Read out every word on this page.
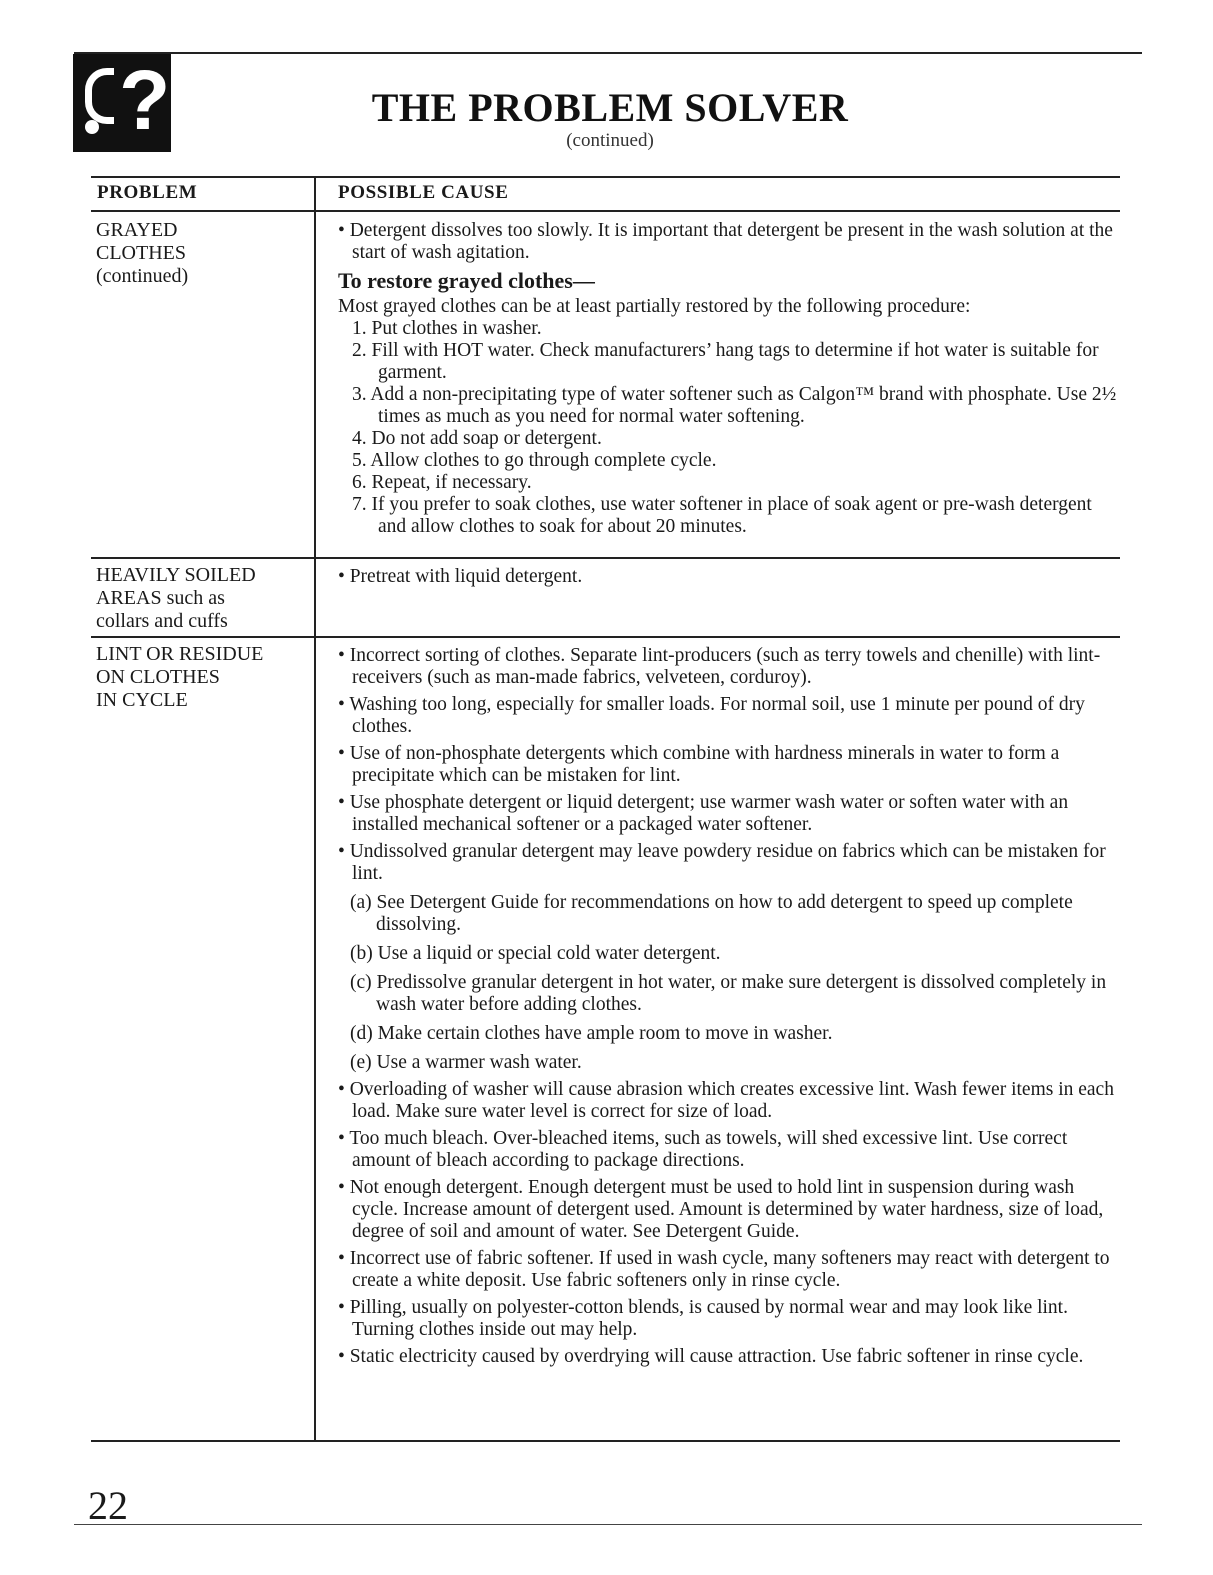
?	THE PROBLEM SOLVER
(continued)
PROBLEM	POSSIBLE CAUSE
GRAYED
CLOTHES
(continued)

• Detergent dissolves too slowly. It is important that detergent be present in the wash solution at the start of wash agitation.

To restore grayed clothes—

Most grayed clothes can be at least partially restored by the following procedure:

1. Put clothes in washer.

2. Fill with HOT water. Check manufacturers’ hang tags to determine if hot water is suitable for garment.

3. Add a non-precipitating type of water softener such as Calgon™ brand with phosphate. Use 2½ times as much as you need for normal water softening.

4. Do not add soap or detergent.

5. Allow clothes to go through complete cycle.

6. Repeat, if necessary.

7. If you prefer to soak clothes, use water softener in place of soak agent or pre-wash detergent and allow clothes to soak for about 20 minutes.

HEAVILY SOILED
AREAS such as
collars and cuffs

• Pretreat with liquid detergent.

LINT OR RESIDUE
ON CLOTHES
IN CYCLE

• Incorrect sorting of clothes. Separate lint-producers (such as terry towels and chenille) with lint-receivers (such as man-made fabrics, velveteen, corduroy).

• Washing too long, especially for smaller loads. For normal soil, use 1 minute per pound of dry clothes.

• Use of non-phosphate detergents which combine with hardness minerals in water to form a precipitate which can be mistaken for lint.

• Use phosphate detergent or liquid detergent; use warmer wash water or soften water with an installed mechanical softener or a packaged water softener.

• Undissolved granular detergent may leave powdery residue on fabrics which can be mistaken for lint.

(a) See Detergent Guide for recommendations on how to add detergent to speed up complete dissolving.

(b) Use a liquid or special cold water detergent.

(c) Predissolve granular detergent in hot water, or make sure detergent is dissolved completely in wash water before adding clothes.

(d) Make certain clothes have ample room to move in washer.

(e) Use a warmer wash water.

• Overloading of washer will cause abrasion which creates excessive lint. Wash fewer items in each load. Make sure water level is correct for size of load.

• Too much bleach. Over-bleached items, such as towels, will shed excessive lint. Use correct amount of bleach according to package directions.

• Not enough detergent. Enough detergent must be used to hold lint in suspension during wash cycle. Increase amount of detergent used. Amount is determined by water hardness, size of load, degree of soil and amount of water. See Detergent Guide.

• Incorrect use of fabric softener. If used in wash cycle, many softeners may react with detergent to create a white deposit. Use fabric softeners only in rinse cycle.

• Pilling, usually on polyester-cotton blends, is caused by normal wear and may look like lint. Turning clothes inside out may help.

• Static electricity caused by overdrying will cause attraction. Use fabric softener in rinse cycle.

22
